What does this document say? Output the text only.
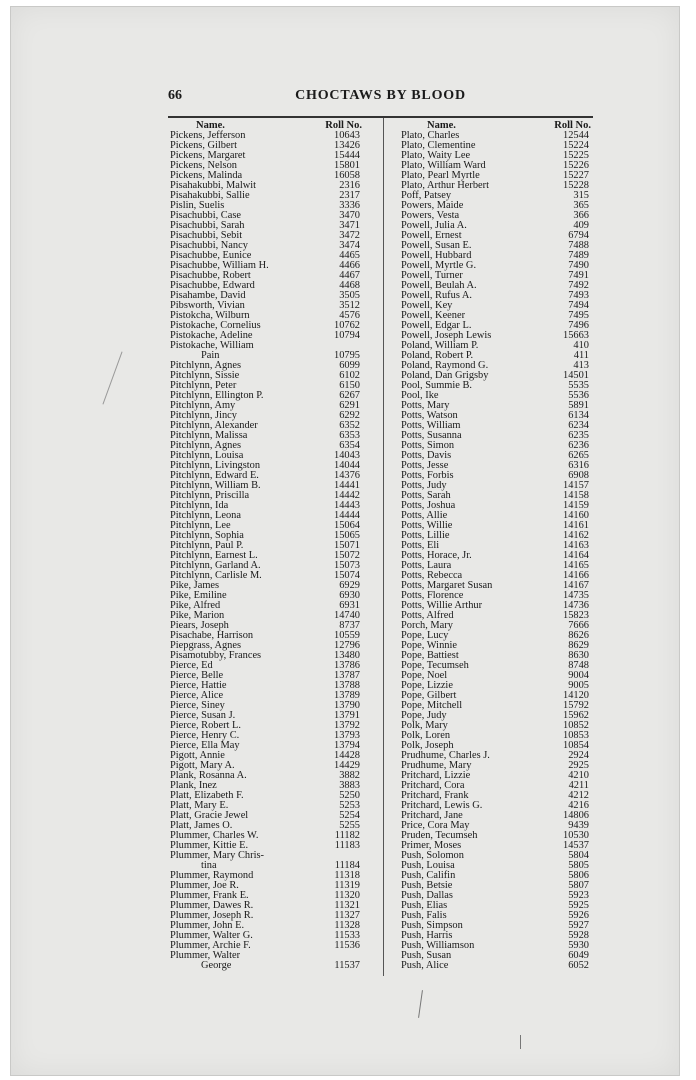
66	CHOCTAWS BY BLOOD
Name.	Roll No.
Pickens, Jefferson	10643
Pickens, Gilbert	13426
Pickens, Margaret	15444
Pickens, Nelson	15801
Pickens, Malinda	16058
Pisahakubbi, Malwit	2316
Pisahakubbi, Sallie	2317
Pislin, Suelis	3336
Pisachubbi, Case	3470
Pisachubbi, Sarah	3471
Pisachubbi, Sebit	3472
Pisachubbi, Nancy	3474
Pisachubbe, Eunice	4465
Pisachubbe, William H.	4466
Pisachubbe, Robert	4467
Pisachubbe, Edward	4468
Pisahambe, David	3505
Pibsworth, Vivian	3512
Pistokcha, Wilburn	4576
Pistokache, Cornelius	10762
Pistokache, Adeline	10794
Pistokache, William
Pain	10795
Pitchlynn, Agnes	6099
Pitchlynn, Sissie	6102
Pitchlynn, Peter	6150
Pitchlynn, Ellington P.	6267
Pitchlynn, Amy	6291
Pitchlynn, Jincy	6292
Pitchlynn, Alexander	6352
Pitchlynn, Malissa	6353
Pitchlynn, Agnes	6354
Pitchlynn, Louisa	14043
Pitchlynn, Livingston	14044
Pitchlynn, Edward E.	14376
Pitchlynn, William B.	14441
Pitchlynn, Priscilla	14442
Pitchlynn, Ida	14443
Pitchlynn, Leona	14444
Pitchlynn, Lee	15064
Pitchlynn, Sophia	15065
Pitchlynn, Paul P.	15071
Pitchlynn, Earnest L.	15072
Pitchlynn, Garland A.	15073
Pitchlynn, Carlisle M.	15074
Pike, James	6929
Pike, Emiline	6930
Pike, Alfred	6931
Pike, Marion	14740
Piears, Joseph	8737
Pisachabe, Harrison	10559
Piepgrass, Agnes	12796
Pisamotubby, Frances	13480
Pierce, Ed	13786
Pierce, Belle	13787
Pierce, Hattie	13788
Pierce, Alice	13789
Pierce, Siney	13790
Pierce, Susan J.	13791
Pierce, Robert L.	13792
Pierce, Henry C.	13793
Pierce, Ella May	13794
Pigott, Annie	14428
Pigott, Mary A.	14429
Plank, Rosanna A.	3882
Plank, Inez	3883
Platt, Elizabeth F.	5250
Platt, Mary E.	5253
Platt, Gracie Jewel	5254
Platt, James O.	5255
Plummer, Charles W.	11182
Plummer, Kittie E.	11183
Plummer, Mary Chris-
tina	11184
Plummer, Raymond	11318
Plummer, Joe R.	11319
Plummer, Frank E.	11320
Plummer, Dawes R.	11321
Plummer, Joseph R.	11327
Plummer, John E.	11328
Plummer, Walter G.	11533
Plummer, Archie F.	11536
Plummer, Walter
George	11537
Name.	Roll No.
Plato, Charles	12544
Plato, Clementine	15224
Plato, Waity Lee	15225
Plato, William Ward	15226
Plato, Pearl Myrtle	15227
Plato, Arthur Herbert	15228
Poff, Patsey	315
Powers, Maide	365
Powers, Vesta	366
Powell, Julia A.	409
Powell, Ernest	6794
Powell, Susan E.	7488
Powell, Hubbard	7489
Powell, Myrtle G.	7490
Powell, Turner	7491
Powell, Beulah A.	7492
Powell, Rufus A.	7493
Powell, Key	7494
Powell, Keener	7495
Powell, Edgar L.	7496
Powell, Joseph Lewis	15663
Poland, William P.	410
Poland, Robert P.	411
Poland, Raymond G.	413
Poland, Dan Grigsby	14501
Pool, Summie B.	5535
Pool, Ike	5536
Potts, Mary	5891
Potts, Watson	6134
Potts, William	6234
Potts, Susanna	6235
Potts, Simon	6236
Potts, Davis	6265
Potts, Jesse	6316
Potts, Forbis	6908
Potts, Judy	14157
Potts, Sarah	14158
Potts, Joshua	14159
Potts, Allie	14160
Potts, Willie	14161
Potts, Lillie	14162
Potts, Eli	14163
Potts, Horace, Jr.	14164
Potts, Laura	14165
Potts, Rebecca	14166
Potts, Margaret Susan	14167
Potts, Florence	14735
Potts, Willie Arthur	14736
Potts, Alfred	15823
Porch, Mary	7666
Pope, Lucy	8626
Pope, Winnie	8629
Pope, Battiest	8630
Pope, Tecumseh	8748
Pope, Noel	9004
Pope, Lizzie	9005
Pope, Gilbert	14120
Pope, Mitchell	15792
Pope, Judy	15962
Polk, Mary	10852
Polk, Loren	10853
Polk, Joseph	10854
Prudhume, Charles J.	2924
Prudhume, Mary	2925
Pritchard, Lizzie	4210
Pritchard, Cora	4211
Pritchard, Frank	4212
Pritchard, Lewis G.	4216
Pritchard, Jane	14806
Price, Cora May	9439
Pruden, Tecumseh	10530
Primer, Moses	14537
Push, Solomon	5804
Push, Louisa	5805
Push, Califin	5806
Push, Betsie	5807
Push, Dallas	5923
Push, Elias	5925
Push, Falis	5926
Push, Simpson	5927
Push, Harris	5928
Push, Williamson	5930
Push, Susan	6049
Push, Alice	6052
